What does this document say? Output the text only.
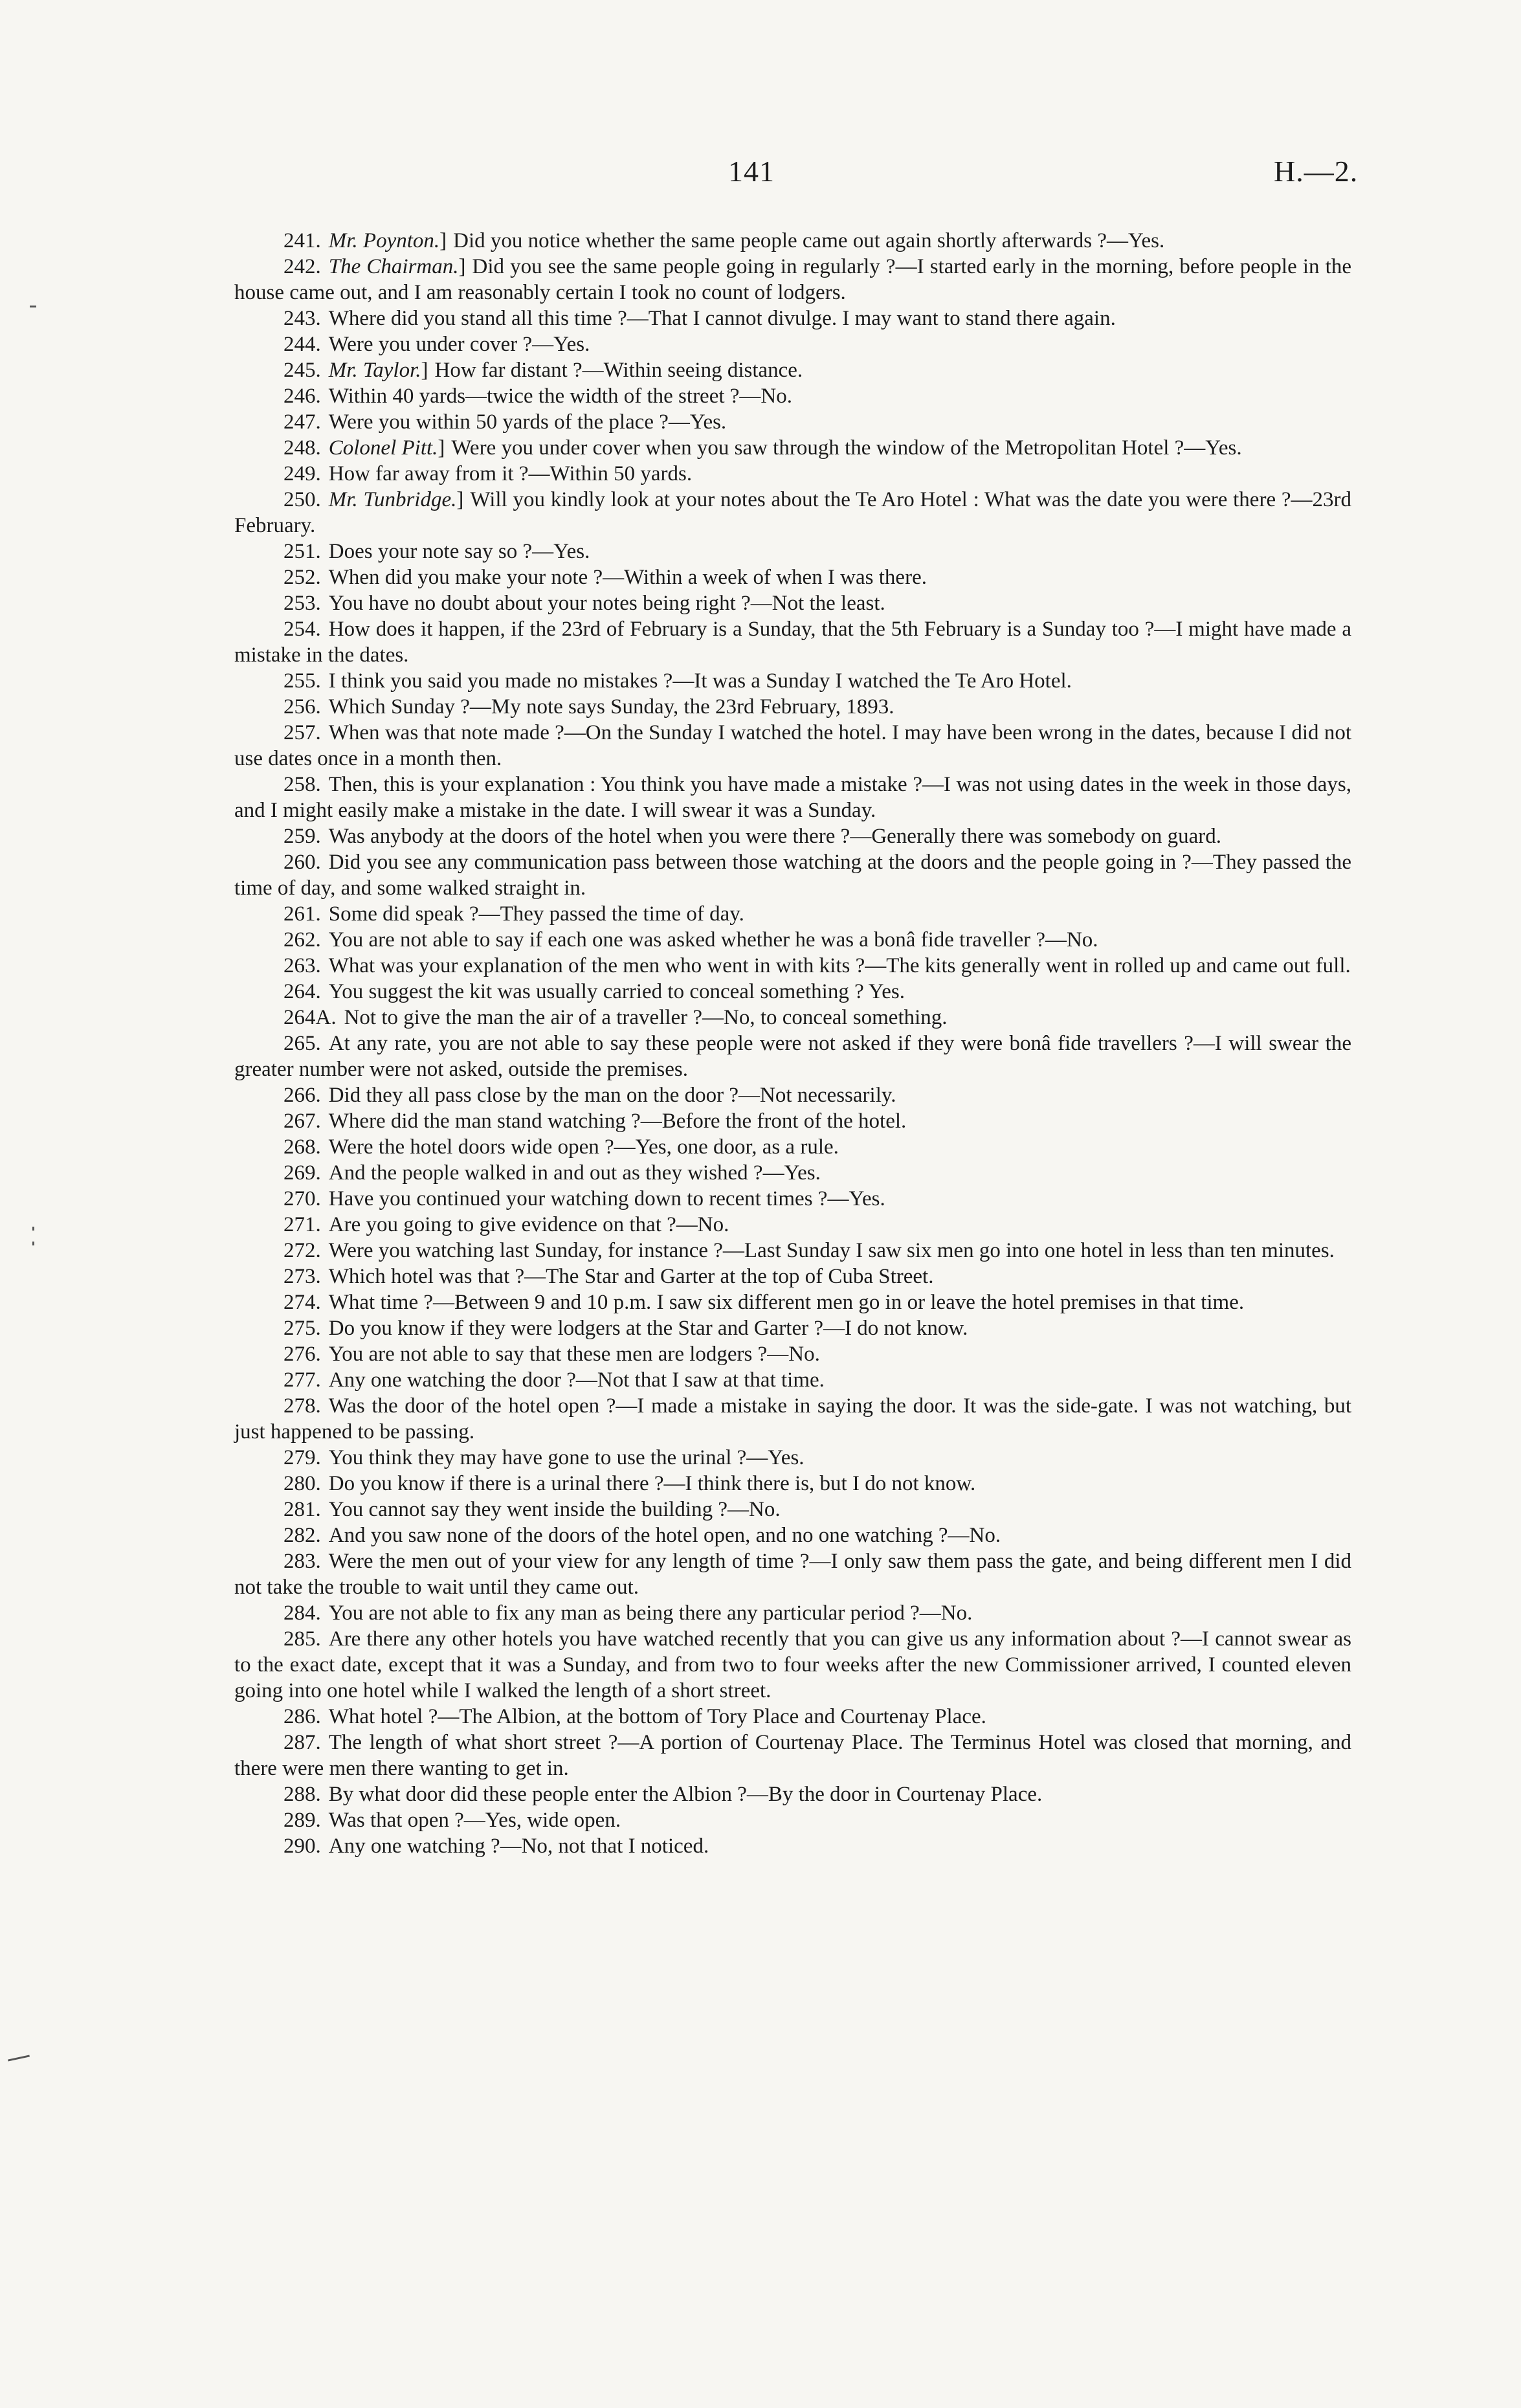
141	H.—2.

241. Mr. Poynton.] Did you notice whether the same people came out again shortly afterwards ?—Yes.

242. The Chairman.] Did you see the same people going in regularly ?—I started early in the morning, before people in the house came out, and I am reasonably certain I took no count of lodgers.

243. Where did you stand all this time ?—That I cannot divulge. I may want to stand there again.

244. Were you under cover ?—Yes.

245. Mr. Taylor.] How far distant ?—Within seeing distance.

246. Within 40 yards—twice the width of the street ?—No.

247. Were you within 50 yards of the place ?—Yes.

248. Colonel Pitt.] Were you under cover when you saw through the window of the Metropolitan Hotel ?—Yes.

249. How far away from it ?—Within 50 yards.

250. Mr. Tunbridge.] Will you kindly look at your notes about the Te Aro Hotel : What was the date you were there ?—23rd February.

251. Does your note say so ?—Yes.

252. When did you make your note ?—Within a week of when I was there.

253. You have no doubt about your notes being right ?—Not the least.

254. How does it happen, if the 23rd of February is a Sunday, that the 5th February is a Sunday too ?—I might have made a mistake in the dates.

255. I think you said you made no mistakes ?—It was a Sunday I watched the Te Aro Hotel.

256. Which Sunday ?—My note says Sunday, the 23rd February, 1893.

257. When was that note made ?—On the Sunday I watched the hotel. I may have been wrong in the dates, because I did not use dates once in a month then.

258. Then, this is your explanation : You think you have made a mistake ?—I was not using dates in the week in those days, and I might easily make a mistake in the date. I will swear it was a Sunday.

259. Was anybody at the doors of the hotel when you were there ?—Generally there was somebody on guard.

260. Did you see any communication pass between those watching at the doors and the people going in ?—They passed the time of day, and some walked straight in.

261. Some did speak ?—They passed the time of day.

262. You are not able to say if each one was asked whether he was a bonâ fide traveller ?—No.

263. What was your explanation of the men who went in with kits ?—The kits generally went in rolled up and came out full.

264. You suggest the kit was usually carried to conceal something ? Yes.

264A. Not to give the man the air of a traveller ?—No, to conceal something.

265. At any rate, you are not able to say these people were not asked if they were bonâ fide travellers ?—I will swear the greater number were not asked, outside the premises.

266. Did they all pass close by the man on the door ?—Not necessarily.

267. Where did the man stand watching ?—Before the front of the hotel.

268. Were the hotel doors wide open ?—Yes, one door, as a rule.

269. And the people walked in and out as they wished ?—Yes.

270. Have you continued your watching down to recent times ?—Yes.

271. Are you going to give evidence on that ?—No.

272. Were you watching last Sunday, for instance ?—Last Sunday I saw six men go into one hotel in less than ten minutes.

273. Which hotel was that ?—The Star and Garter at the top of Cuba Street.

274. What time ?—Between 9 and 10 p.m. I saw six different men go in or leave the hotel premises in that time.

275. Do you know if they were lodgers at the Star and Garter ?—I do not know.

276. You are not able to say that these men are lodgers ?—No.

277. Any one watching the door ?—Not that I saw at that time.

278. Was the door of the hotel open ?—I made a mistake in saying the door. It was the side-gate. I was not watching, but just happened to be passing.

279. You think they may have gone to use the urinal ?—Yes.

280. Do you know if there is a urinal there ?—I think there is, but I do not know.

281. You cannot say they went inside the building ?—No.

282. And you saw none of the doors of the hotel open, and no one watching ?—No.

283. Were the men out of your view for any length of time ?—I only saw them pass the gate, and being different men I did not take the trouble to wait until they came out.

284. You are not able to fix any man as being there any particular period ?—No.

285. Are there any other hotels you have watched recently that you can give us any information about ?—I cannot swear as to the exact date, except that it was a Sunday, and from two to four weeks after the new Commissioner arrived, I counted eleven going into one hotel while I walked the length of a short street.

286. What hotel ?—The Albion, at the bottom of Tory Place and Courtenay Place.

287. The length of what short street ?—A portion of Courtenay Place. The Terminus Hotel was closed that morning, and there were men there wanting to get in.

288. By what door did these people enter the Albion ?—By the door in Courtenay Place.

289. Was that open ?—Yes, wide open.

290. Any one watching ?—No, not that I noticed.
